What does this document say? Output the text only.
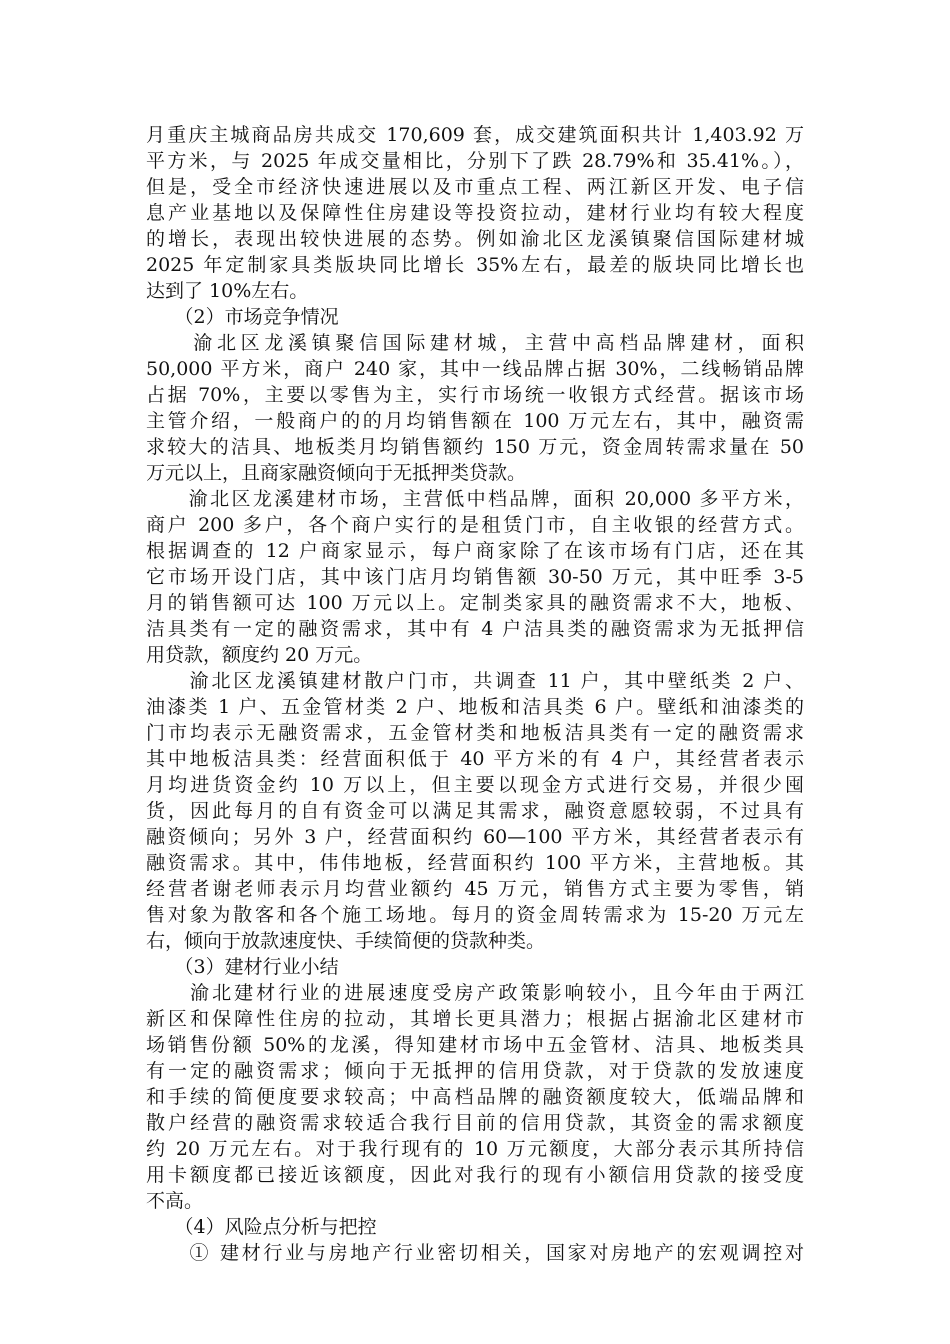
月重庆主城商品房共成交 170,609 套，成交建筑面积共计 1,403.92 万
平方米，与 2025 年成交量相比，分别下了跌 28.79%和 35.41%。），
但是，受全市经济快速进展以及市重点工程、两江新区开发、电子信
息产业基地以及保障性住房建设等投资拉动，建材行业均有较大程度
的增长，表现出较快进展的态势。例如渝北区龙溪镇聚信国际建材城
2025 年定制家具类版块同比增长 35%左右，最差的版块同比增长也
达到了 10%左右。
　　（2）市场竞争情况
　　渝北区龙溪镇聚信国际建材城，主营中高档品牌建材，面积
50,000 平方米，商户 240 家，其中一线品牌占据 30%，二线畅销品牌
占据 70%，主要以零售为主，实行市场统一收银方式经营。据该市场
主管介绍，一般商户的的月均销售额在 100 万元左右，其中，融资需
求较大的洁具、地板类月均销售额约 150 万元，资金周转需求量在 50
万元以上，且商家融资倾向于无抵押类贷款。
　　渝北区龙溪建材市场，主营低中档品牌，面积 20,000 多平方米，
商户 200 多户，各个商户实行的是租赁门市，自主收银的经营方式。
根据调查的 12 户商家显示，每户商家除了在该市场有门店，还在其
它市场开设门店，其中该门店月均销售额 30-50 万元，其中旺季 3-5
月的销售额可达 100 万元以上。定制类家具的融资需求不大，地板、
洁具类有一定的融资需求，其中有 4 户洁具类的融资需求为无抵押信
用贷款，额度约 20 万元。
　　渝北区龙溪镇建材散户门市，共调查 11 户，其中壁纸类 2 户、
油漆类 1 户、五金管材类 2 户、地板和洁具类 6 户。壁纸和油漆类的
门市均表示无融资需求，五金管材类和地板洁具类有一定的融资需求
其中地板洁具类：经营面积低于 40 平方米的有 4 户，其经营者表示
月均进货资金约 10 万以上，但主要以现金方式进行交易，并很少囤
货，因此每月的自有资金可以满足其需求，融资意愿较弱，不过具有
融资倾向；另外 3 户，经营面积约 60—100 平方米，其经营者表示有
融资需求。其中，伟伟地板，经营面积约 100 平方米，主营地板。其
经营者谢老师表示月均营业额约 45 万元，销售方式主要为零售，销
售对象为散客和各个施工场地。每月的资金周转需求为 15-20 万元左
右，倾向于放款速度快、手续简便的贷款种类。
　　（3）建材行业小结
　　渝北建材行业的进展速度受房产政策影响较小，且今年由于两江
新区和保障性住房的拉动，其增长更具潜力；根据占据渝北区建材市
场销售份额 50%的龙溪，得知建材市场中五金管材、洁具、地板类具
有一定的融资需求；倾向于无抵押的信用贷款，对于贷款的发放速度
和手续的简便度要求较高；中高档品牌的融资额度较大，低端品牌和
散户经营的融资需求较适合我行目前的信用贷款，其资金的需求额度
约 20 万元左右。对于我行现有的 10 万元额度，大部分表示其所持信
用卡额度都已接近该额度，因此对我行的现有小额信用贷款的接受度
不高。
　　（4）风险点分析与把控
　　① 建材行业与房地产行业密切相关，国家对房地产的宏观调控对
